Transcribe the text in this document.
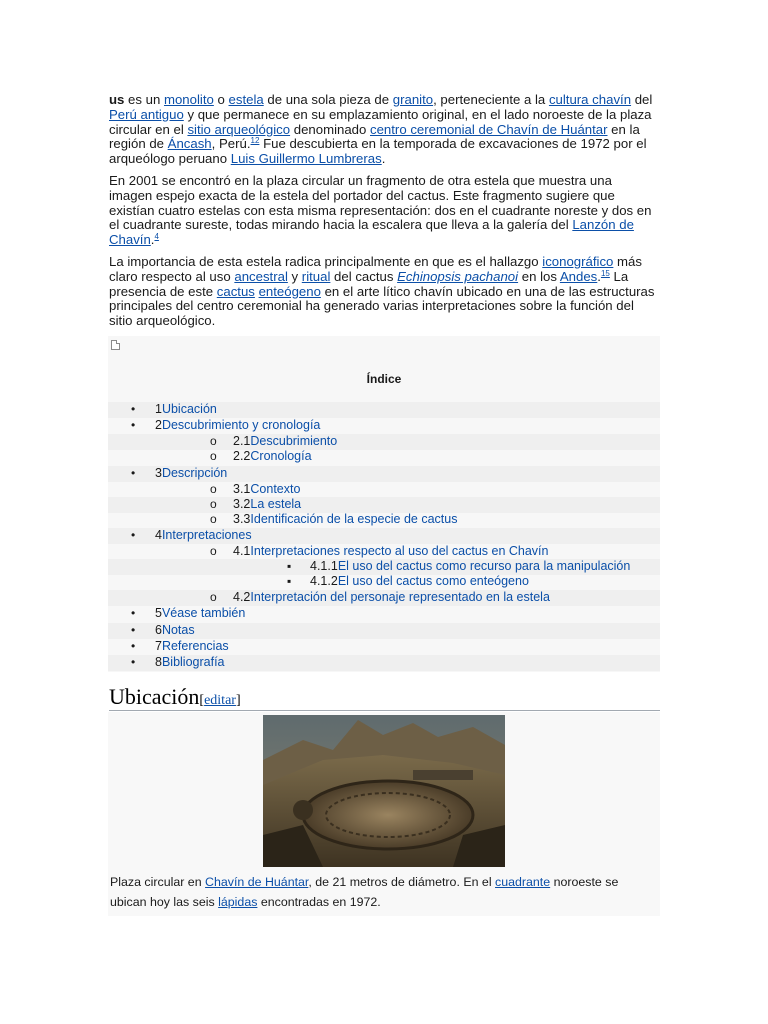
us es un monolito o estela de una sola pieza de granito, perteneciente a la cultura chavín del Perú antiguo y que permanece en su emplazamiento original, en el lado noroeste de la plaza circular en el sitio arqueológico denominado centro ceremonial de Chavín de Huántar en la región de Áncash, Perú.$^{12}$ Fue descubierta en la temporada de excavaciones de 1972 por el arqueólogo peruano Luis Guillermo Lumbreras.

En 2001 se encontró en la plaza circular un fragmento de otra estela que muestra una imagen espejo exacta de la estela del portador del cactus. Este fragmento sugiere que existían cuatro estelas con esta misma representación: dos en el cuadrante noreste y dos en el cuadrante sureste, todas mirando hacia la escalera que lleva a la galería del Lanzón de Chavín.$^4$

La importancia de esta estela radica principalmente en que es el hallazgo iconográfico más claro respecto al uso ancestral y ritual del cactus Echinopsis pachanoi en los Andes.$^{15}$ La presencia de este cactus enteógeno en el arte lítico chavín ubicado en una de las estructuras principales del centro ceremonial ha generado varias interpretaciones sobre la función del sitio arqueológico.

Índice
• 1Ubicación
• 2Descubrimiento y cronología
o 2.1Descubrimiento
o 2.2Cronología
• 3Descripción
o 3.1Contexto
o 3.2La estela
o 3.3Identificación de la especie de cactus
• 4Interpretaciones
o 4.1Interpretaciones respecto al uso del cactus en Chavín
▪ 4.1.1El uso del cactus como recurso para la manipulación
▪ 4.1.2El uso del cactus como enteógeno
o 4.2Interpretación del personaje representado en la estela
• 5Véase también
• 6Notas
• 7Referencias
• 8Bibliografía
Ubicación[editar]
Plaza circular en Chavín de Huántar, de 21 metros de diámetro. En el cuadrante noroeste se ubican hoy las seis lápidas encontradas en 1972.
